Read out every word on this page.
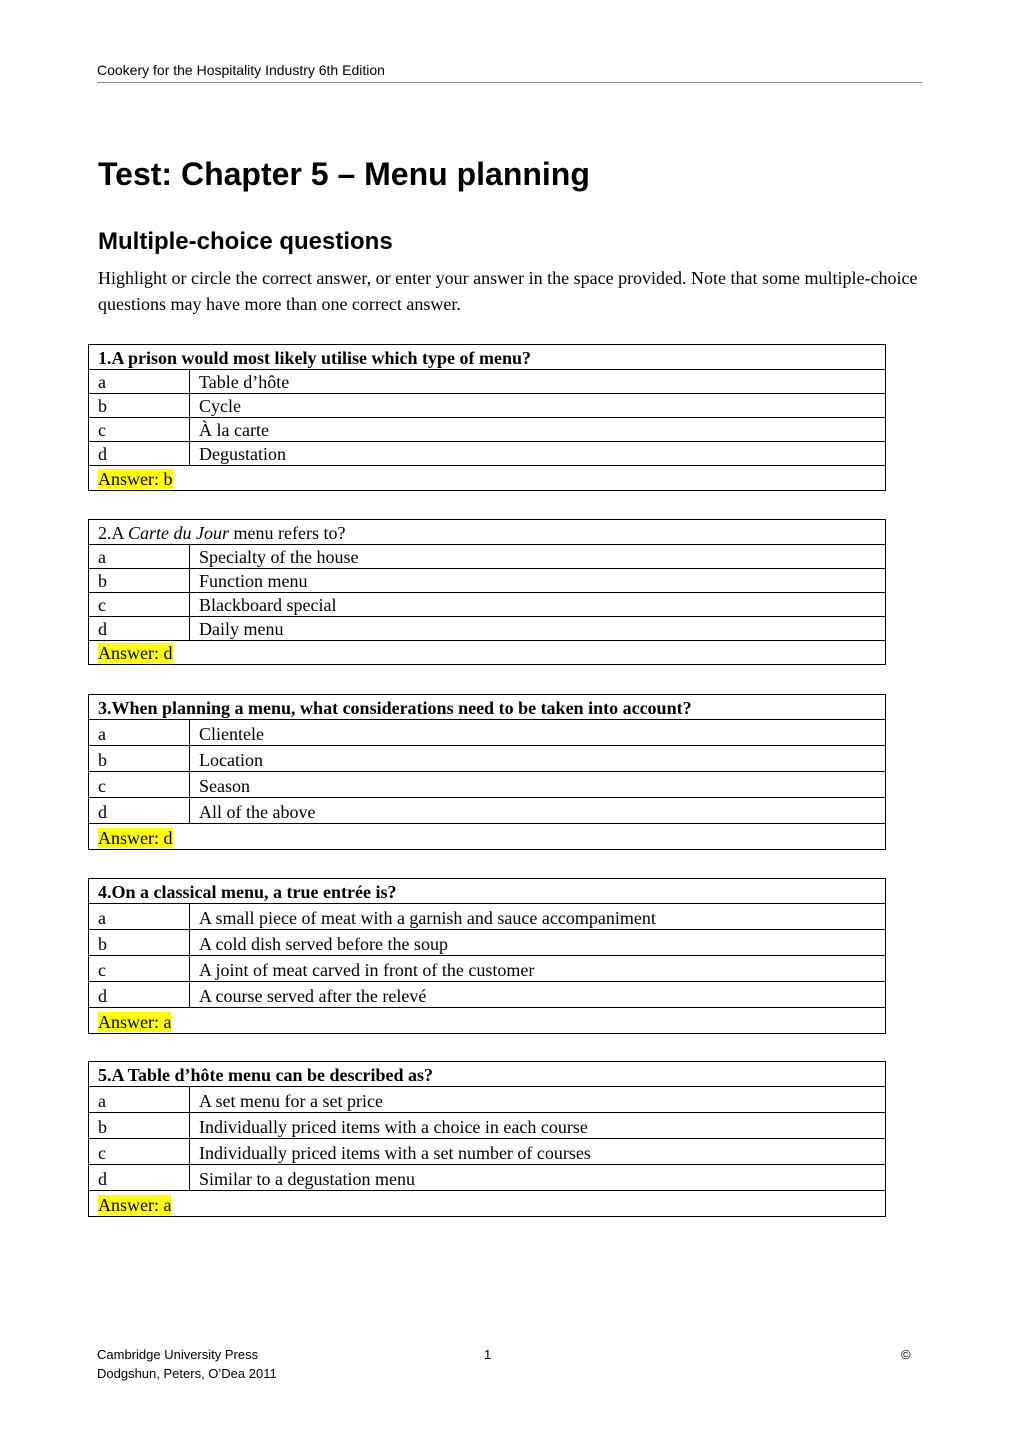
Cookery for the Hospitality Industry 6th Edition
Test: Chapter 5 – Menu planning
Multiple-choice questions

Highlight or circle the correct answer, or enter your answer in the space provided. Note that some multiple-choice questions may have more than one correct answer.

1.A prison would most likely utilise which type of menu?	
a	Table d’hôte
b	Cycle
c	À la carte
d	Degustation
Answer: b	
2.A Carte du Jour menu refers to?	
a	Specialty of the house
b	Function menu
c	Blackboard special
d	Daily menu
Answer: d	
3.When planning a menu, what considerations need to be taken into account?	
a	Clientele
b	Location
c	Season
d	All of the above
Answer: d	
4.On a classical menu, a true entrée is?	
a	A small piece of meat with a garnish and sauce accompaniment
b	A cold dish served before the soup
c	A joint of meat carved in front of the customer
d	A course served after the relevé
Answer: a	
5.A Table d’hôte menu can be described as?	
a	A set menu for a set price
b	Individually priced items with a choice in each course
c	Individually priced items with a set number of courses
d	Similar to a degustation menu
Answer: a	
Cambridge University Press	1	©
Dodgshun, Peters, O’Dea 2011
